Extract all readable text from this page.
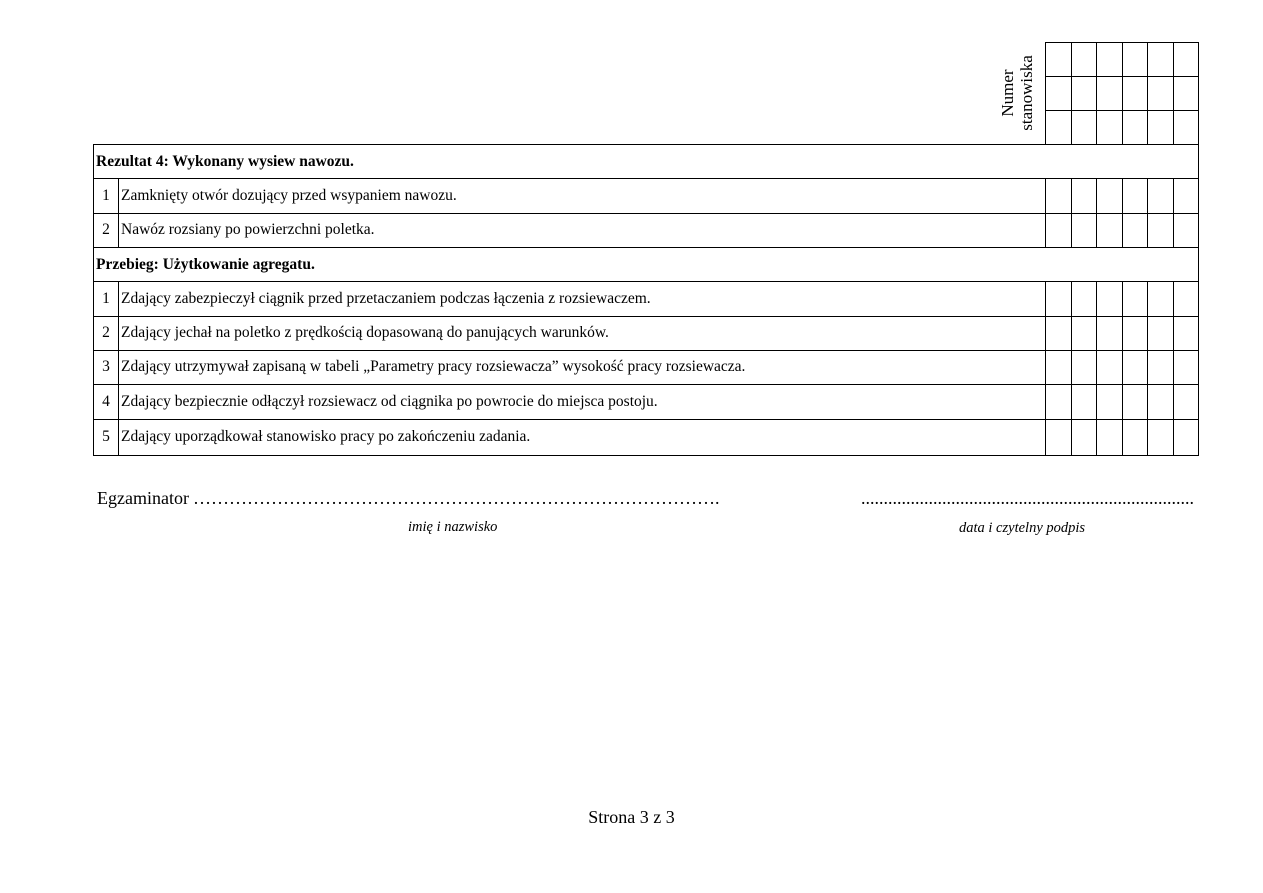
Numer stanowiska
Rezultat 4: Wykonany wysiew nawozu.
1 Zamknięty otwór dozujący przed wsypaniem nawozu.
2 Nawóz rozsiany po powierzchni poletka.
Przebieg: Użytkowanie agregatu.
1 Zdający zabezpieczył ciągnik przed przetaczaniem podczas łączenia z rozsiewaczem.
2 Zdający jechał na poletko z prędkością dopasowaną do panujących warunków.
3 Zdający utrzymywał zapisaną w tabeli „Parametry pracy rozsiewacza” wysokość pracy rozsiewacza.
4 Zdający bezpiecznie odłączył rozsiewacz od ciągnika po powrocie do miejsca postoju.
5 Zdający uporządkował stanowisko pracy po zakończeniu zadania.
Egzaminator …………………………………………………………………………….	..........................................................................
imię i nazwisko	data i czytelny podpis
Strona 3 z 3
